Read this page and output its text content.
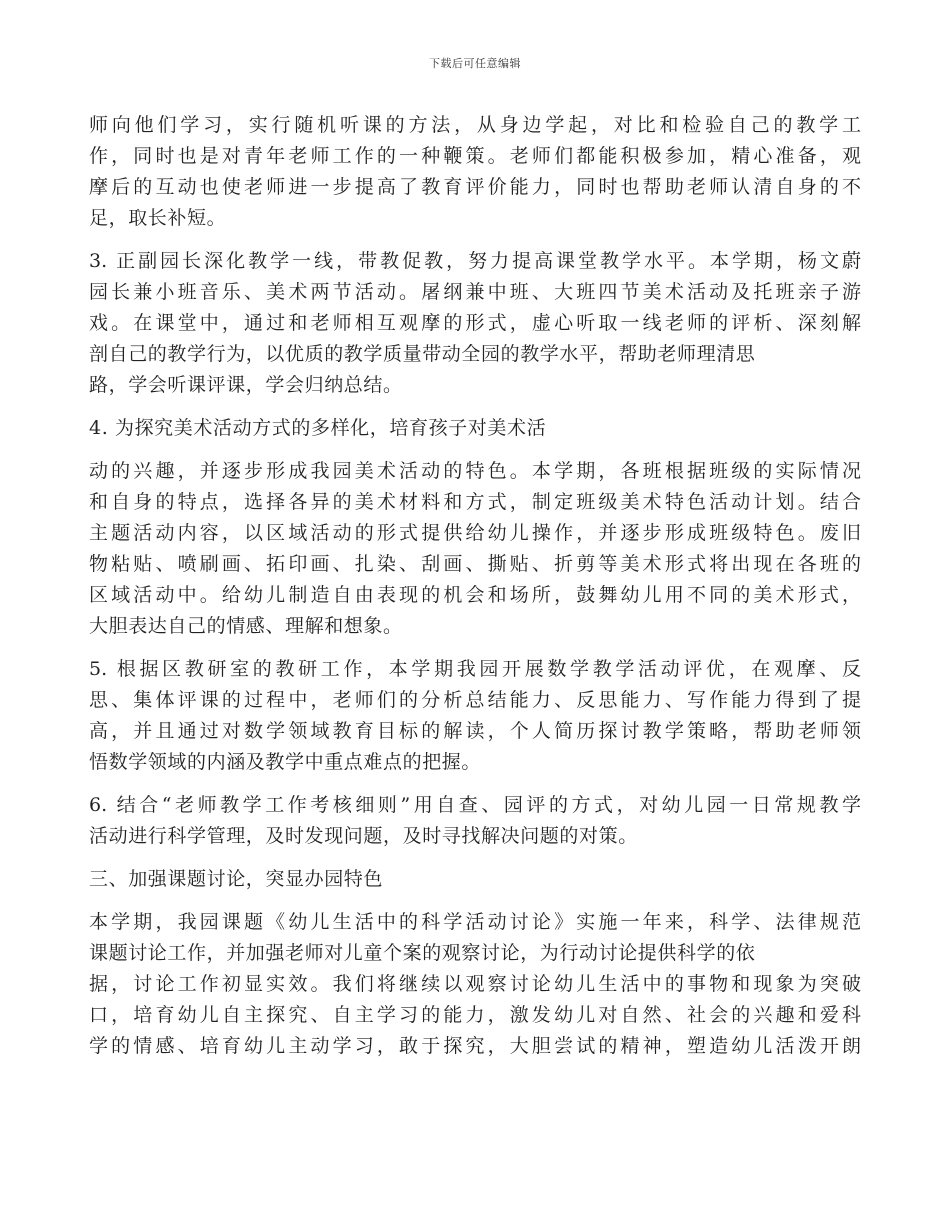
下载后可任意编辑
师向他们学习，实行随机听课的方法，从身边学起，对比和检验自己的教学工
作，同时也是对青年老师工作的一种鞭策。老师们都能积极参加，精心准备，观
摩后的互动也使老师进一步提高了教育评价能力，同时也帮助老师认清自身的不
足，取长补短。
3. 正副园长深化教学一线，带教促教，努力提高课堂教学水平。本学期，杨文蔚
园长兼小班音乐、美术两节活动。屠纲兼中班、大班四节美术活动及托班亲子游
戏。在课堂中，通过和老师相互观摩的形式，虚心听取一线老师的评析、深刻解
剖自己的教学行为，以优质的教学质量带动全园的教学水平，帮助老师理清思
路，学会听课评课，学会归纳总结。
4. 为探究美术活动方式的多样化，培育孩子对美术活
动的兴趣，并逐步形成我园美术活动的特色。本学期，各班根据班级的实际情况
和自身的特点，选择各异的美术材料和方式，制定班级美术特色活动计划。结合
主题活动内容，以区域活动的形式提供给幼儿操作，并逐步形成班级特色。废旧
物粘贴、喷刷画、拓印画、扎染、刮画、撕贴、折剪等美术形式将出现在各班的
区域活动中。给幼儿制造自由表现的机会和场所，鼓舞幼儿用不同的美术形式，
大胆表达自己的情感、理解和想象。
5. 根据区教研室的教研工作，本学期我园开展数学教学活动评优，在观摩、反
思、集体评课的过程中，老师们的分析总结能力、反思能力、写作能力得到了提
高，并且通过对数学领域教育目标的解读，个人简历探讨教学策略，帮助老师领
悟数学领域的内涵及教学中重点难点的把握。
6. 结合“老师教学工作考核细则”用自查、园评的方式，对幼儿园一日常规教学
活动进行科学管理，及时发现问题，及时寻找解决问题的对策。
三、加强课题讨论，突显办园特色
本学期，我园课题《幼儿生活中的科学活动讨论》实施一年来，科学、法律规范
课题讨论工作，并加强老师对儿童个案的观察讨论，为行动讨论提供科学的依
据，讨论工作初显实效。我们将继续以观察讨论幼儿生活中的事物和现象为突破
口，培育幼儿自主探究、自主学习的能力，激发幼儿对自然、社会的兴趣和爱科
学的情感、培育幼儿主动学习，敢于探究，大胆尝试的精神，塑造幼儿活泼开朗
